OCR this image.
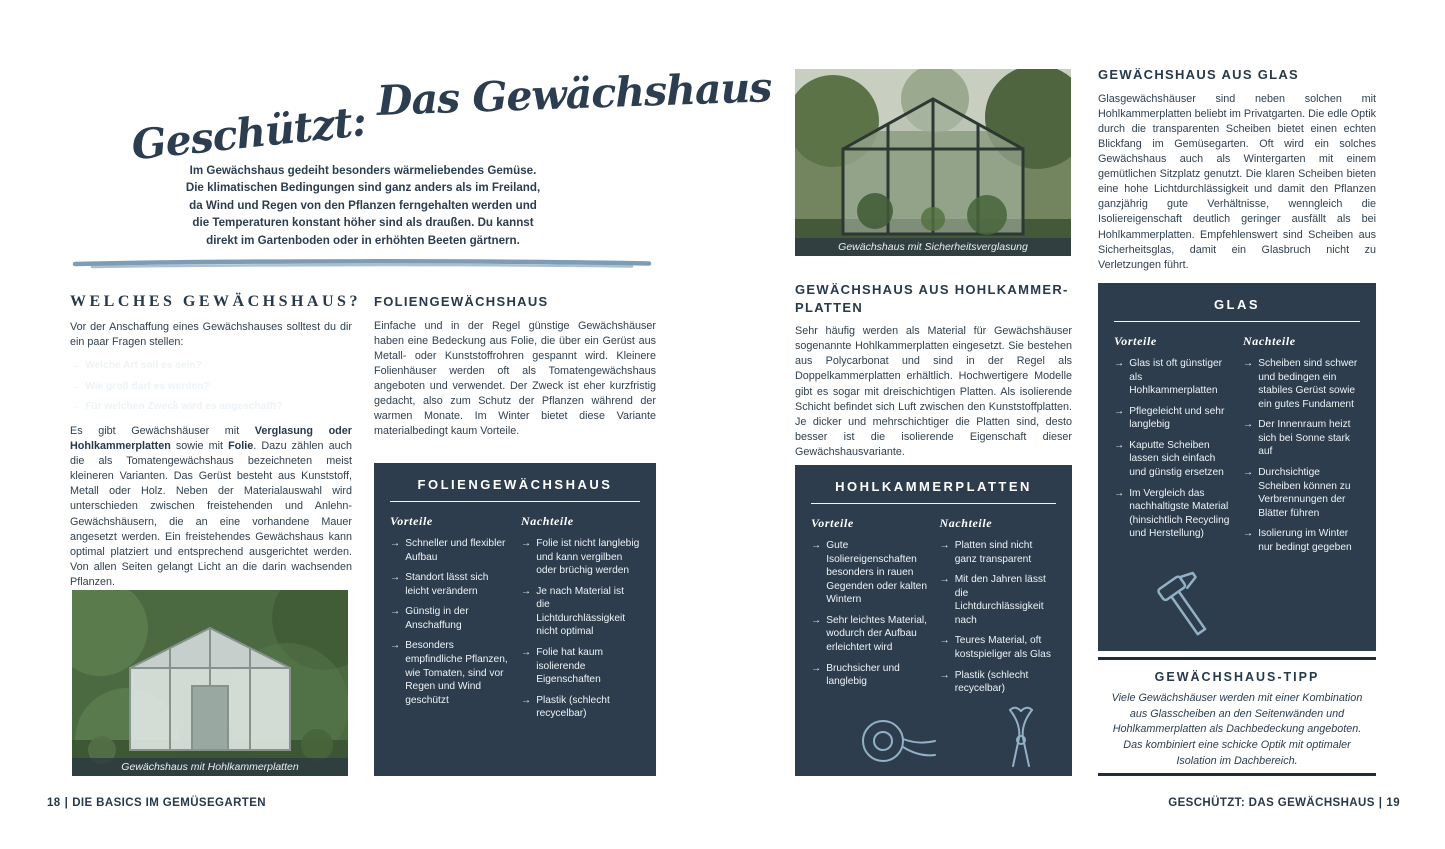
Geschützt: Das Gewächshaus

Im Gewächshaus gedeiht besonders wärmeliebendes Gemüse. Die klimatischen Bedingungen sind ganz anders als im Freiland, da Wind und Regen von den Pflanzen ferngehalten werden und die Temperaturen konstant höher sind als draußen. Du kannst direkt im Gartenboden oder in erhöhten Beeten gärtnern.

WELCHES GEWÄCHSHAUS?

Vor der Anschaffung eines Gewächshauses solltest du dir ein paar Fragen stellen:

→ Welche Art soll es sein?
→ Wie groß darf es werden?
→ Für welchen Zweck wird es angeschafft?

Es gibt Gewächshäuser mit Verglasung oder Hohlkammerplatten sowie mit Folie. Dazu zählen auch die als Tomatengewächshaus bezeichneten meist kleineren Varianten. Das Gerüst besteht aus Kunststoff, Metall oder Holz. Neben der Materialauswahl wird unterschieden zwischen freistehenden und Anlehn-Gewächshäusern, die an eine vorhandene Mauer angesetzt werden. Ein freistehendes Gewächshaus kann optimal platziert und entsprechend ausgerichtet werden. Von allen Seiten gelangt Licht an die darin wachsenden Pflanzen.

Gewächshaus mit Hohlkammerplatten
FOLIENGEWÄCHSHAUS

Einfache und in der Regel günstige Gewächshäuser haben eine Bedeckung aus Folie, die über ein Gerüst aus Metall- oder Kunststoffrohren gespannt wird. Kleinere Folienhäuser werden oft als Tomatengewächshaus angeboten und verwendet. Der Zweck ist eher kurzfristig gedacht, also zum Schutz der Pflanzen während der warmen Monate. Im Winter bietet diese Variante materialbedingt kaum Vorteile.

FOLIENGEWÄCHSHAUS
Vorteile
→ Schneller und flexibler Aufbau
→ Standort lässt sich leicht verändern
→ Günstig in der Anschaffung
→ Besonders empfindliche Pflanzen, wie Tomaten, sind vor Regen und Wind geschützt
Nachteile
→ Folie ist nicht langlebig und kann vergilben oder brüchig werden
→ Je nach Material ist die Lichtdurchlässigkeit nicht optimal
→ Folie hat kaum isolierende Eigenschaften
→ Plastik (schlecht recycelbar)
18 | DIE BASICS IM GEMÜSEGARTEN
Gewächshaus mit Sicherheitsverglasung
GEWÄCHSHAUS AUS GLAS

Glasgewächshäuser sind neben solchen mit Hohlkammerplatten beliebt im Privatgarten. Die edle Optik durch die transparenten Scheiben bietet einen echten Blickfang im Gemüsegarten. Oft wird ein solches Gewächshaus auch als Wintergarten mit einem gemütlichen Sitzplatz genutzt. Die klaren Scheiben bieten eine hohe Lichtdurchlässigkeit und damit den Pflanzen ganzjährig gute Verhältnisse, wenngleich die Isoliereigenschaft deutlich geringer ausfällt als bei Hohlkammerplatten. Empfehlenswert sind Scheiben aus Sicherheitsglas, damit ein Glasbruch nicht zu Verletzungen führt.

GEWÄCHSHAUS AUS HOHLKAMMER-PLATTEN

Sehr häufig werden als Material für Gewächshäuser sogenannte Hohlkammerplatten eingesetzt. Sie bestehen aus Polycarbonat und sind in der Regel als Doppelkammerplatten erhältlich. Hochwertigere Modelle gibt es sogar mit dreischichtigen Platten. Als isolierende Schicht befindet sich Luft zwischen den Kunststoffplatten. Je dicker und mehrschichtiger die Platten sind, desto besser ist die isolierende Eigenschaft dieser Gewächshausvariante.

HOHLKAMMERPLATTEN
Vorteile
→ Gute Isoliereigenschaften besonders in rauen Gegenden oder kalten Wintern
→ Sehr leichtes Material, wodurch der Aufbau erleichtert wird
→ Bruchsicher und langlebig
Nachteile
→ Platten sind nicht ganz transparent
→ Mit den Jahren lässt die Lichtdurchlässigkeit nach
→ Teures Material, oft kostspieliger als Glas
→ Plastik (schlecht recycelbar)
GLAS
Vorteile
→ Glas ist oft günstiger als Hohlkammerplatten
→ Pflegeleicht und sehr langlebig
→ Kaputte Scheiben lassen sich einfach und günstig ersetzen
→ Im Vergleich das nachhaltigste Material (hinsichtlich Recycling und Herstellung)
Nachteile
→ Scheiben sind schwer und bedingen ein stabiles Gerüst sowie ein gutes Fundament
→ Der Innenraum heizt sich bei Sonne stark auf
→ Durchsichtige Scheiben können zu Verbrennungen der Blätter führen
→ Isolierung im Winter nur bedingt gegeben
GEWÄCHSHAUS-TIPP

Viele Gewächshäuser werden mit einer Kombination aus Glasscheiben an den Seitenwänden und Hohlkammerplatten als Dachbedeckung angeboten. Das kombiniert eine schicke Optik mit optimaler Isolation im Dachbereich.

GESCHÜTZT: DAS GEWÄCHSHAUS | 19
